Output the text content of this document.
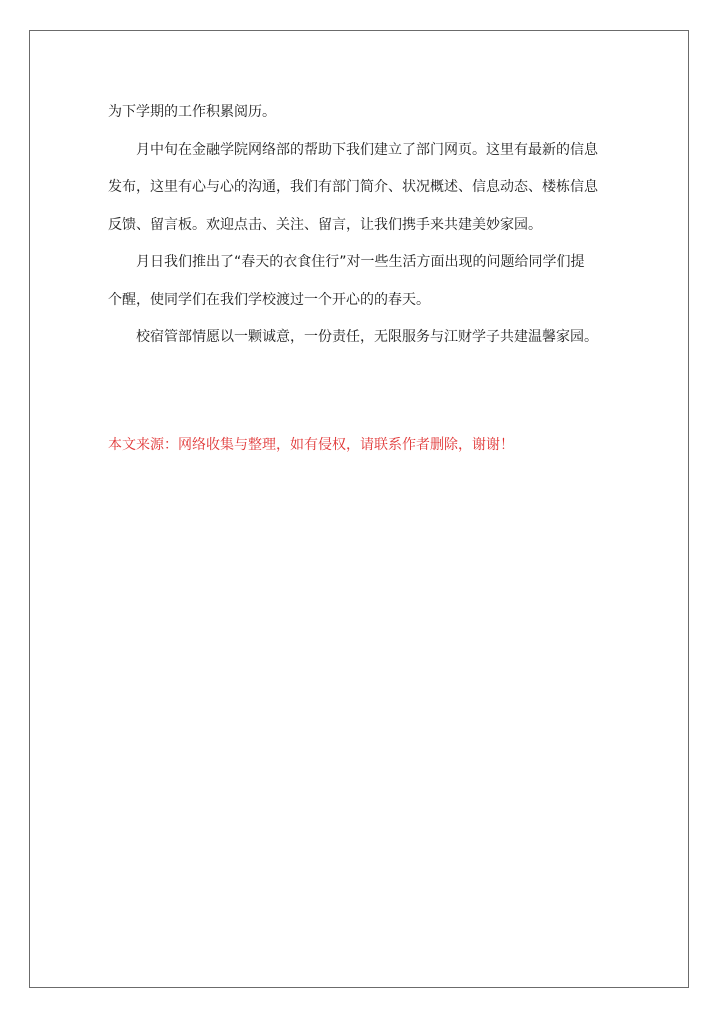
为下学期的工作积累阅历。
月中旬在金融学院网络部的帮助下我们建立了部门网页。这里有最新的信息
发布，这里有心与心的沟通，我们有部门简介、状况概述、信息动态、楼栋信息
反馈、留言板。欢迎点击、关注、留言，让我们携手来共建美妙家园。
月日我们推出了“春天的衣食住行”对一些生活方面出现的问题给同学们提
个醒，使同学们在我们学校渡过一个开心的的春天。
校宿管部情愿以一颗诚意，一份责任，无限服务与江财学子共建温馨家园。
本文来源：网络收集与整理，如有侵权，请联系作者删除，谢谢！
